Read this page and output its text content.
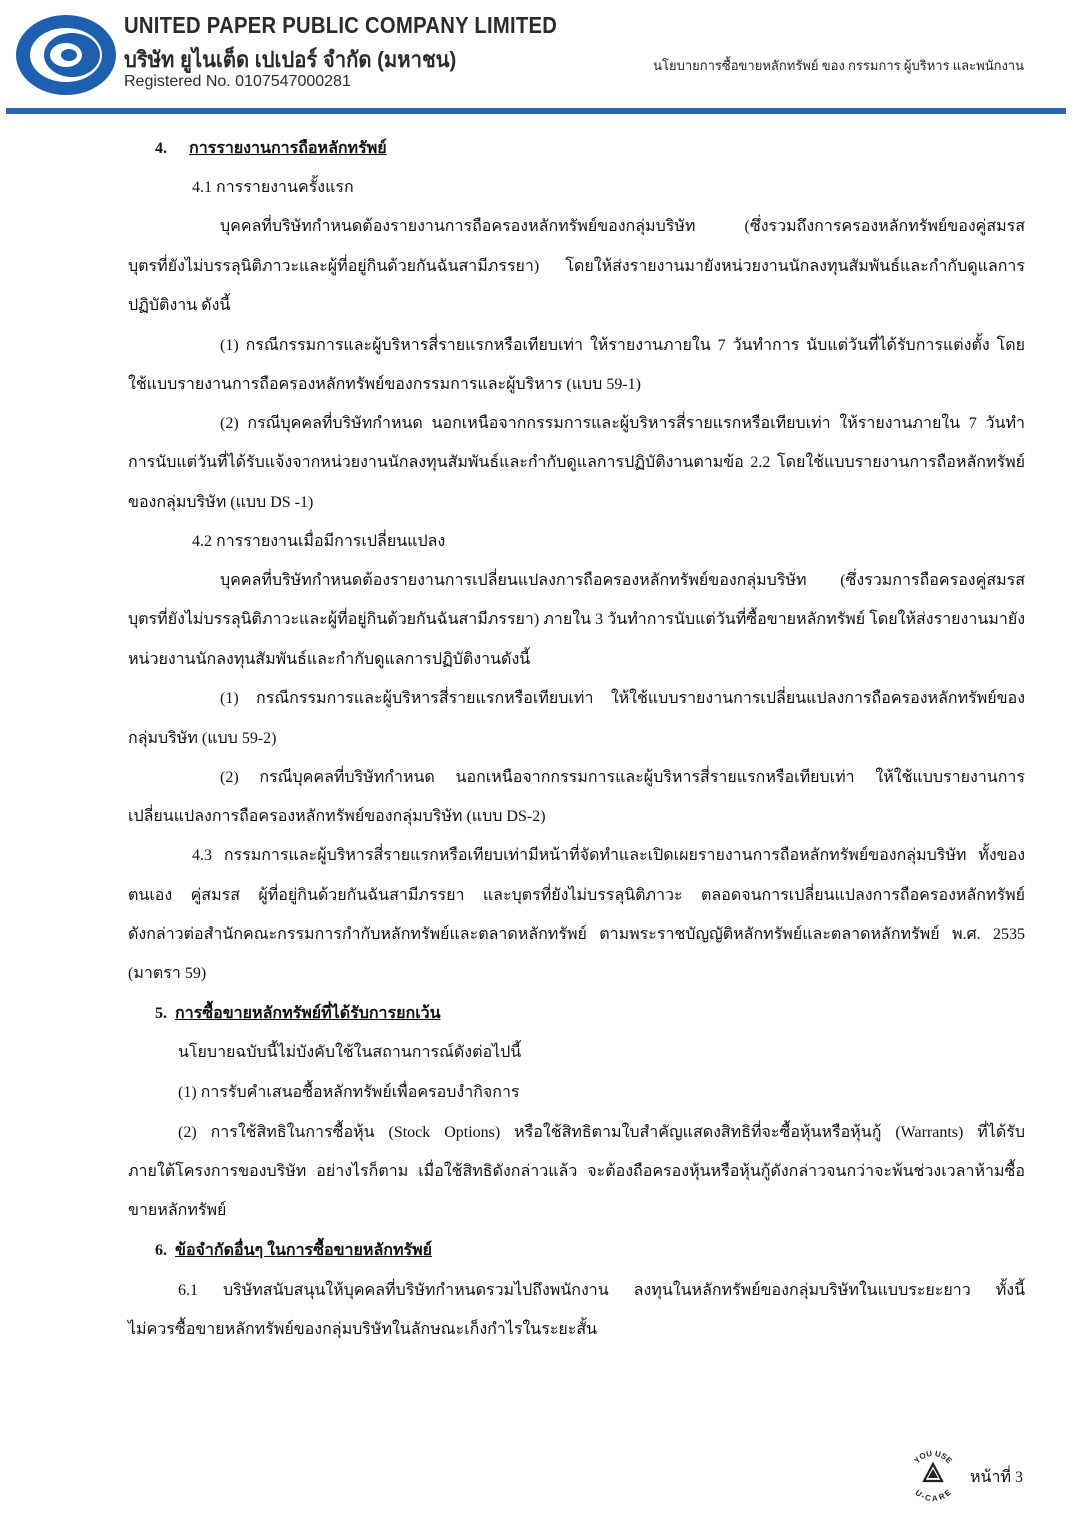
UNITED PAPER PUBLIC COMPANY LIMITED
บริษัท ยูไนเต็ด เปเปอร์ จำกัด (มหาชน)
Registered No. 0107547000281
นโยบายการซื้อขายหลักทรัพย์ ของ กรรมการ ผู้บริหาร และพนักงาน
4. การรายงานการถือหลักทรัพย์
4.1 การรายงานครั้งแรก
บุคคลที่บริษัทกำหนดต้องรายงานการถือครองหลักทรัพย์ของกลุ่มบริษัท (ซึ่งรวมถึงการครองหลักทรัพย์ของคู่สมรส
บุตรที่ยังไม่บรรลุนิติภาวะและผู้ที่อยู่กินด้วยกันฉันสามีภรรยา) โดยให้ส่งรายงานมายังหน่วยงานนักลงทุนสัมพันธ์และกำกับดูแลการ
ปฏิบัติงาน ดังนี้
(1) กรณีกรรมการและผู้บริหารสี่รายแรกหรือเทียบเท่า ให้รายงานภายใน 7 วันทำการ นับแต่วันที่ได้รับการแต่งตั้ง โดย
ใช้แบบรายงานการถือครองหลักทรัพย์ของกรรมการและผู้บริหาร (แบบ 59-1)
(2) กรณีบุคคลที่บริษัทกำหนด นอกเหนือจากกรรมการและผู้บริหารสี่รายแรกหรือเทียบเท่า ให้รายงานภายใน 7 วันทำ
การนับแต่วันที่ได้รับแจ้งจากหน่วยงานนักลงทุนสัมพันธ์และกำกับดูแลการปฏิบัติงานตามข้อ 2.2 โดยใช้แบบรายงานการถือหลักทรัพย์
ของกลุ่มบริษัท (แบบ DS -1)
4.2 การรายงานเมื่อมีการเปลี่ยนแปลง
บุคคลที่บริษัทกำหนดต้องรายงานการเปลี่ยนแปลงการถือครองหลักทรัพย์ของกลุ่มบริษัท (ซึ่งรวมการถือครองคู่สมรส
บุตรที่ยังไม่บรรลุนิติภาวะและผู้ที่อยู่กินด้วยกันฉันสามีภรรยา) ภายใน 3 วันทำการนับแต่วันที่ซื้อขายหลักทรัพย์ โดยให้ส่งรายงานมายัง
หน่วยงานนักลงทุนสัมพันธ์และกำกับดูแลการปฏิบัติงานดังนี้
(1) กรณีกรรมการและผู้บริหารสี่รายแรกหรือเทียบเท่า ให้ใช้แบบรายงานการเปลี่ยนแปลงการถือครองหลักทรัพย์ของ
กลุ่มบริษัท (แบบ 59-2)
(2) กรณีบุคคลที่บริษัทกำหนด นอกเหนือจากกรรมการและผู้บริหารสี่รายแรกหรือเทียบเท่า ให้ใช้แบบรายงานการ
เปลี่ยนแปลงการถือครองหลักทรัพย์ของกลุ่มบริษัท (แบบ DS-2)
4.3 กรรมการและผู้บริหารสี่รายแรกหรือเทียบเท่ามีหน้าที่จัดทำและเปิดเผยรายงานการถือหลักทรัพย์ของกลุ่มบริษัท ทั้งของ
ตนเอง คู่สมรส ผู้ที่อยู่กินด้วยกันฉันสามีภรรยา และบุตรที่ยังไม่บรรลุนิติภาวะ ตลอดจนการเปลี่ยนแปลงการถือครองหลักทรัพย์
ดังกล่าวต่อสำนักคณะกรรมการกำกับหลักทรัพย์และตลาดหลักทรัพย์ ตามพระราชบัญญัติหลักทรัพย์และตลาดหลักทรัพย์ พ.ศ. 2535
(มาตรา 59)
5. การซื้อขายหลักทรัพย์ที่ได้รับการยกเว้น
นโยบายฉบับนี้ไม่บังคับใช้ในสถานการณ์ดังต่อไปนี้
(1) การรับคำเสนอซื้อหลักทรัพย์เพื่อครอบงำกิจการ
(2) การใช้สิทธิในการซื้อหุ้น (Stock Options) หรือใช้สิทธิตามใบสำคัญแสดงสิทธิที่จะซื้อหุ้นหรือหุ้นกู้ (Warrants) ที่ได้รับ
ภายใต้โครงการของบริษัท อย่างไรก็ตาม เมื่อใช้สิทธิดังกล่าวแล้ว จะต้องถือครองหุ้นหรือหุ้นกู้ดังกล่าวจนกว่าจะพ้นช่วงเวลาห้ามซื้อ
ขายหลักทรัพย์
6. ข้อจำกัดอื่นๆ ในการซื้อขายหลักทรัพย์
6.1 บริษัทสนับสนุนให้บุคคลที่บริษัทกำหนดรวมไปถึงพนักงาน ลงทุนในหลักทรัพย์ของกลุ่มบริษัทในแบบระยะยาว ทั้งนี้
ไม่ควรซื้อขายหลักทรัพย์ของกลุ่มบริษัทในลักษณะเก็งกำไรในระยะสั้น
YOU USE
U-CARE
หน้าที่ 3
